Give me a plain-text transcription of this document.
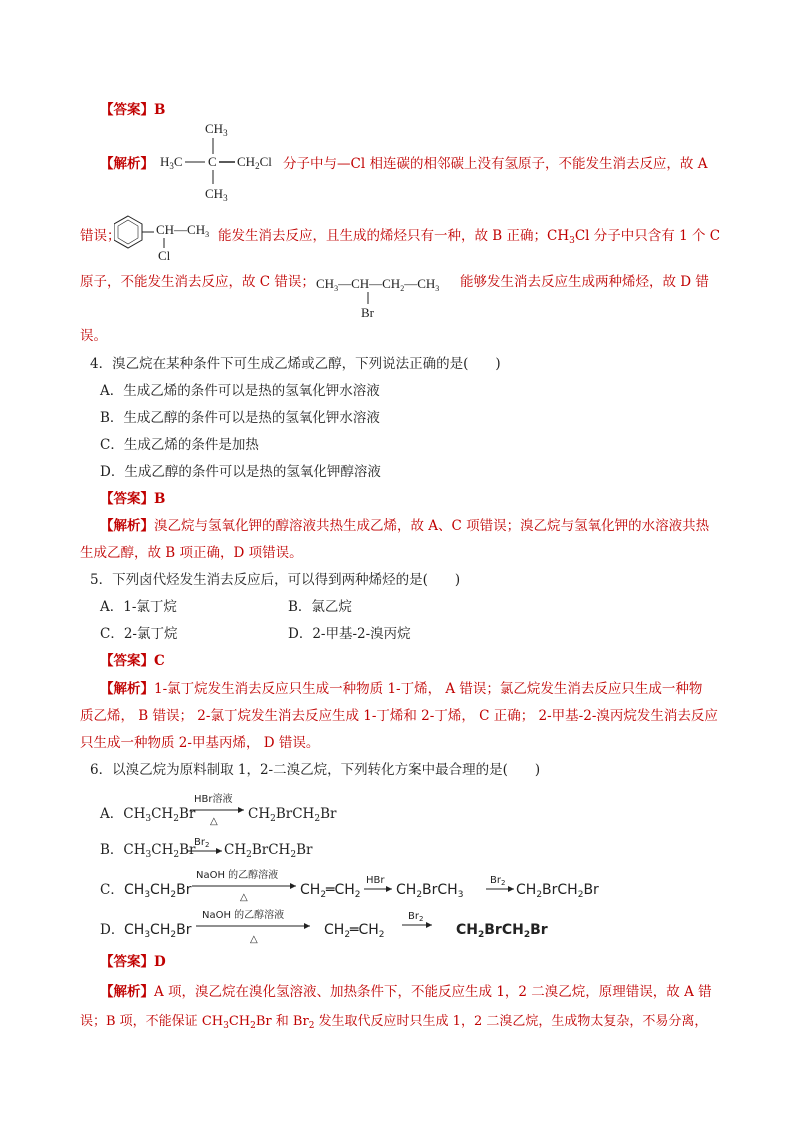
【答案】B
$CH_3$
$H_3C$ C $CH_2Cl$
$CH_3$
【解析】	分子中与—Cl 相连碳的相邻碳上没有氢原子，不能发生消去反应，故 A
错误；	$CH—CH_3$
Cl
能发生消去反应，且生成的烯烃只有一种，故 B 正确；$CH_3Cl$ 分子中只含有 1 个 C
原子，不能发生消去反应，故 C 错误； $CH_3—CH—CH_2—CH_3$
Br
能够发生消去反应生成两种烯烃，故 D 错
误。
4．溴乙烷在某种条件下可生成乙烯或乙醇，下列说法正确的是(　　)
A．生成乙烯的条件可以是热的氢氧化钾水溶液
B．生成乙醇的条件可以是热的氢氧化钾水溶液
C．生成乙烯的条件是加热
D．生成乙醇的条件可以是热的氢氧化钾醇溶液
【答案】B
【解析】溴乙烷与氢氧化钾的醇溶液共热生成乙烯，故 A、C 项错误；溴乙烷与氢氧化钾的水溶液共热
生成乙醇，故 B 项正确，D 项错误。
5．下列卤代烃发生消去反应后，可以得到两种烯烃的是(　　)
A．1-氯丁烷	B．氯乙烷
C．2-氯丁烷	D．2-甲基-2-溴丙烷
【答案】C
【解析】1-氯丁烷发生消去反应只生成一种物质 1-丁烯， A 错误；氯乙烷发生消去反应只生成一种物
质乙烯， B 错误； 2-氯丁烷发生消去反应生成 1-丁烯和 2-丁烯， C 正确； 2-甲基-2-溴丙烷发生消去反应
只生成一种物质 2-甲基丙烯， D 错误。
6．以溴乙烷为原料制取 1，2-二溴乙烷，下列转化方案中最合理的是(　　)
A．$CH_3CH_2Br$
HBr溶液
△ $CH_2BrCH_2Br$
B．$CH_3CH_2Br$
$Br_2$ $CH_2BrCH_2Br$
C． $CH_3CH_2Br$
NaOH 的乙醇溶液
△	$CH_2═CH_2$
HBr
$CH_2BrCH_3$
$Br_2$ $CH_2BrCH_2Br$
D． $CH_3CH_2Br$
NaOH 的乙醇溶液
△
$CH_2═CH_2$
$Br_2$
$CH_2BrCH_2Br$
【答案】D
【解析】A 项，溴乙烷在溴化氢溶液、加热条件下，不能反应生成 1，2 二溴乙烷，原理错误，故 A 错
误；B 项，不能保证 $CH_3CH_2Br$ 和 $Br_2$ 发生取代反应时只生成 1，2 二溴乙烷，生成物太复杂，不易分离，
